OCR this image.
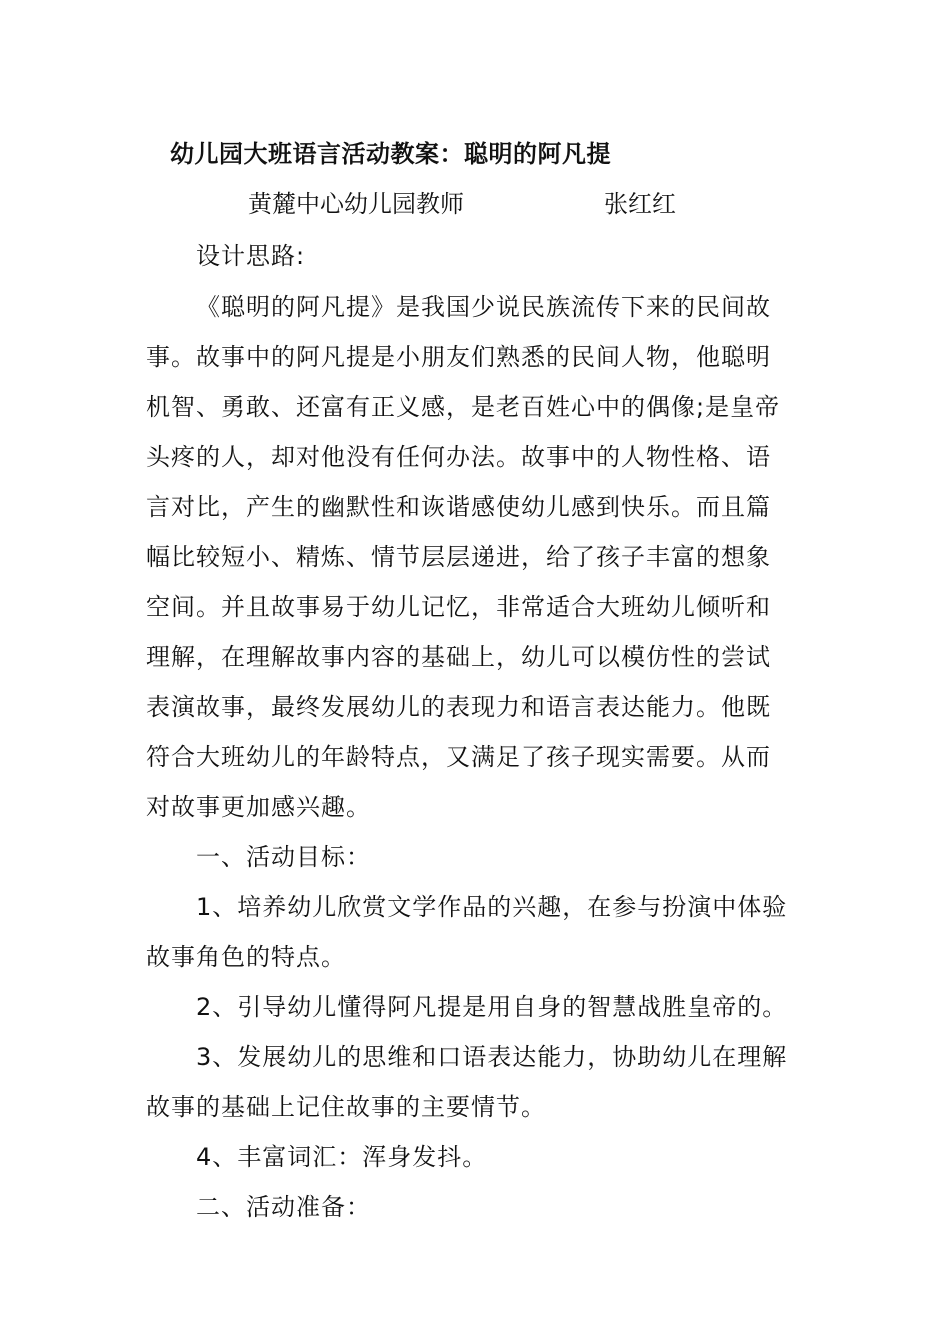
幼儿园大班语言活动教案：聪明的阿凡提
黄麓中心幼儿园教师	张红红
设计思路:
《聪明的阿凡提》是我国少说民族流传下来的民间故
事。故事中的阿凡提是小朋友们熟悉的民间人物，他聪明
机智、勇敢、还富有正义感，是老百姓心中的偶像;是皇帝
头疼的人，却对他没有任何办法。故事中的人物性格、语
言对比，产生的幽默性和诙谐感使幼儿感到快乐。而且篇
幅比较短小、精炼、情节层层递进，给了孩子丰富的想象
空间。并且故事易于幼儿记忆，非常适合大班幼儿倾听和
理解，在理解故事内容的基础上，幼儿可以模仿性的尝试
表演故事，最终发展幼儿的表现力和语言表达能力。他既
符合大班幼儿的年龄特点，又满足了孩子现实需要。从而
对故事更加感兴趣。
一、活动目标：
1、培养幼儿欣赏文学作品的兴趣，在参与扮演中体验
故事角色的特点。
2、引导幼儿懂得阿凡提是用自身的智慧战胜皇帝的。
3、发展幼儿的思维和口语表达能力，协助幼儿在理解
故事的基础上记住故事的主要情节。
4、丰富词汇：浑身发抖。
二、活动准备：
